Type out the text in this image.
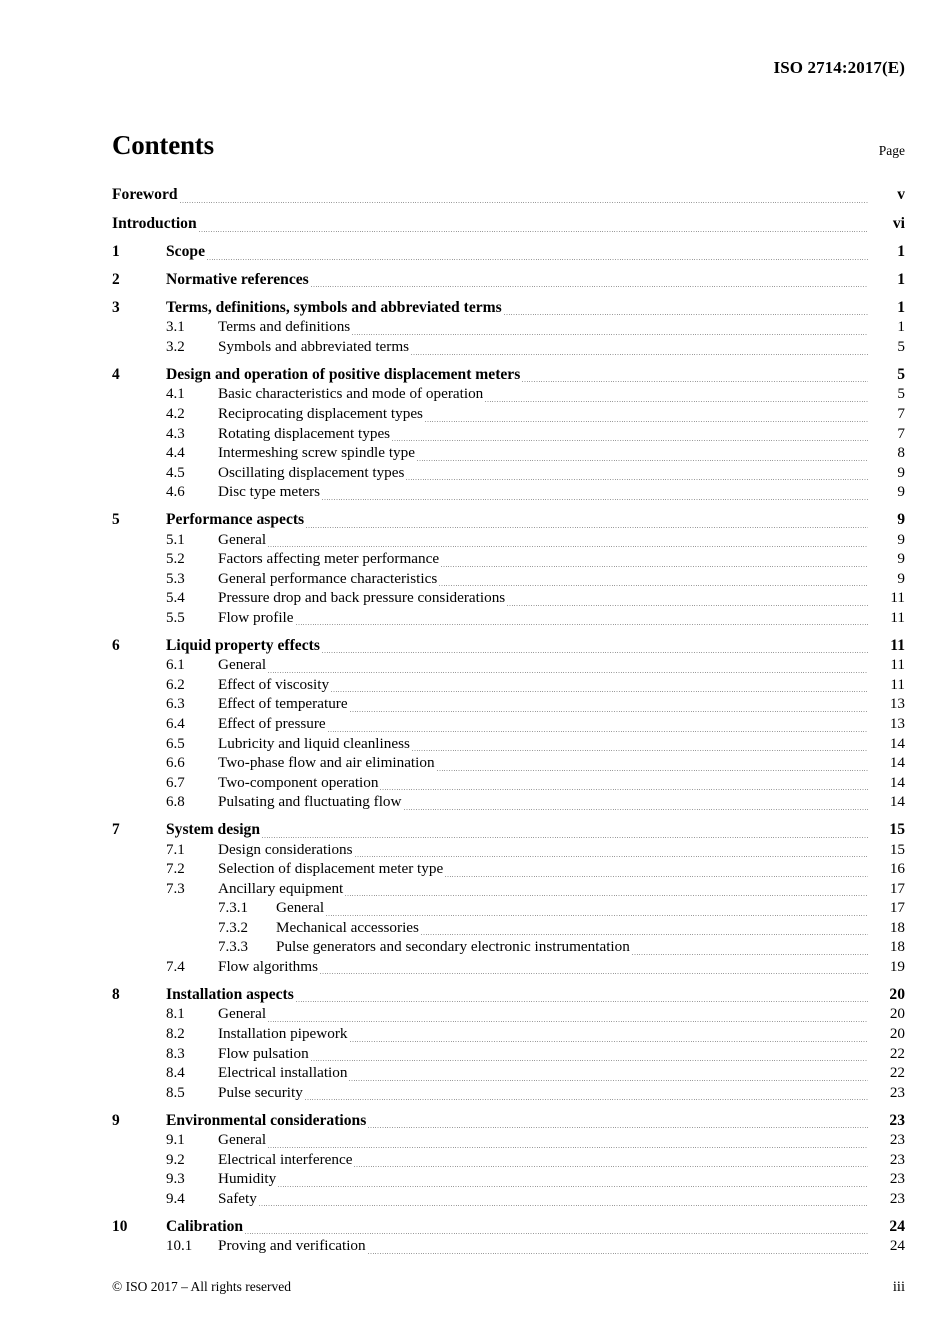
ISO 2714:2017(E)
Contents	Page
Foreword	v
Introduction	vi
1	Scope	1
2	Normative references	1
3	Terms, definitions, symbols and abbreviated terms	1
3.1	Terms and definitions	1
3.2	Symbols and abbreviated terms	5
4	Design and operation of positive displacement meters	5
4.1	Basic characteristics and mode of operation	5
4.2	Reciprocating displacement types	7
4.3	Rotating displacement types	7
4.4	Intermeshing screw spindle type	8
4.5	Oscillating displacement types	9
4.6	Disc type meters	9
5	Performance aspects	9
5.1	General	9
5.2	Factors affecting meter performance	9
5.3	General performance characteristics	9
5.4	Pressure drop and back pressure considerations	11
5.5	Flow profile	11
6	Liquid property effects	11
6.1	General	11
6.2	Effect of viscosity	11
6.3	Effect of temperature	13
6.4	Effect of pressure	13
6.5	Lubricity and liquid cleanliness	14
6.6	Two-phase flow and air elimination	14
6.7	Two-component operation	14
6.8	Pulsating and fluctuating flow	14
7	System design	15
7.1	Design considerations	15
7.2	Selection of displacement meter type	16
7.3	Ancillary equipment	17
7.3.1	General	17
7.3.2	Mechanical accessories	18
7.3.3	Pulse generators and secondary electronic instrumentation	18
7.4	Flow algorithms	19
8	Installation aspects	20
8.1	General	20
8.2	Installation pipework	20
8.3	Flow pulsation	22
8.4	Electrical installation	22
8.5	Pulse security	23
9	Environmental considerations	23
9.1	General	23
9.2	Electrical interference	23
9.3	Humidity	23
9.4	Safety	23
10	Calibration	24
10.1	Proving and verification	24
© ISO 2017 – All rights reserved	iii
